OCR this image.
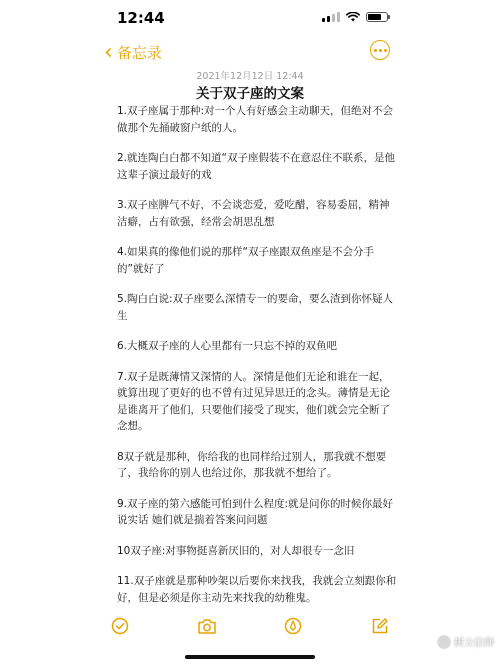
12:44
‹ 备忘录
2021年12月12日 12:44
关于双子座的文案

1.双子座属于那种:对一个人有好感会主动聊天，但绝对不会做那个先捅破窗户纸的人。

2.就连陶白白都不知道“双子座假装不在意忍住不联系，是他这辈子演过最好的戏

3.双子座脾气不好，不会谈恋爱，爱吃醋，容易委屈，精神洁癖，占有欲强，经常会胡思乱想

4.如果真的像他们说的那样“双子座跟双鱼座是不会分手的”就好了

5.陶白白说:双子座要么深情专一的要命，要么渣到你怀疑人生

6.大概双子座的人心里都有一只忘不掉的双鱼吧

7.双子是既薄情又深情的人。深情是他们无论和谁在一起，就算出现了更好的也不曾有过见异思迁的念头。薄情是无论是谁离开了他们，只要他们接受了现实，他们就会完全断了念想。

8双子就是那种，你给我的也同样给过别人，那我就不想要了，我给你的别人也给过你，那我就不想给了。

9.双子座的第六感能可怕到什么程度:就是问你的时候你最好说实话 她们就是揣着答案问问题

10双子座:对事物挺喜新厌旧的，对人却很专一念旧

11.双子座就是那种吵架以后要你来找我，我就会立刻跟你和好，但是必须是你主动先来找我的幼稚鬼。

树立信仰
